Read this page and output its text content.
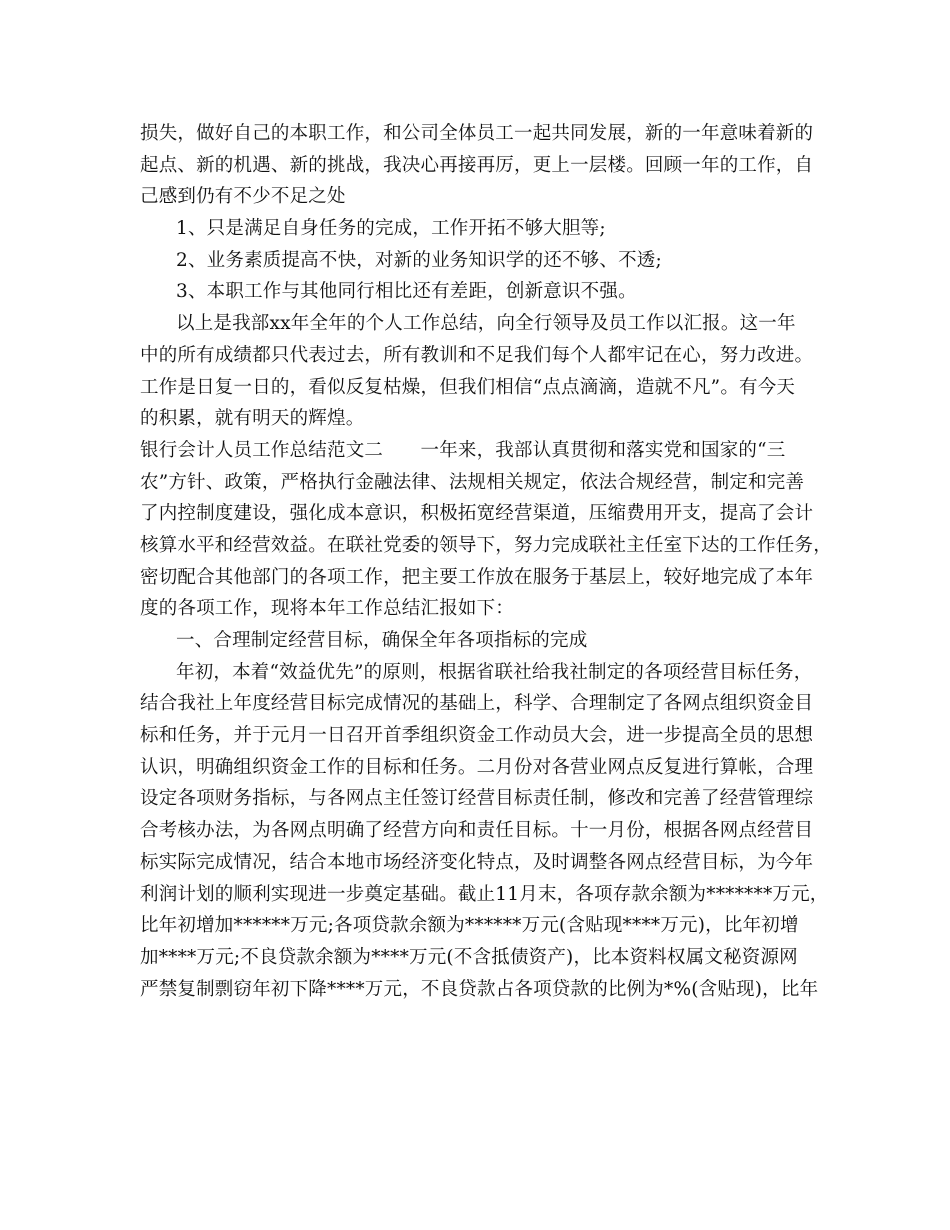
损失，做好自己的本职工作，和公司全体员工一起共同发展，新的一年意味着新的
起点、新的机遇、新的挑战，我决心再接再厉，更上一层楼。回顾一年的工作，自
己感到仍有不少不足之处
1、只是满足自身任务的完成，工作开拓不够大胆等;
2、业务素质提高不快，对新的业务知识学的还不够、不透;
3、本职工作与其他同行相比还有差距，创新意识不强。
以上是我部xx年全年的个人工作总结，向全行领导及员工作以汇报。这一年
中的所有成绩都只代表过去，所有教训和不足我们每个人都牢记在心，努力改进。
工作是日复一日的，看似反复枯燥，但我们相信“点点滴滴，造就不凡”。有今天
的积累，就有明天的辉煌。
银行会计人员工作总结范文二　　一年来，我部认真贯彻和落实党和国家的“三
农”方针、政策，严格执行金融法律、法规相关规定，依法合规经营，制定和完善
了内控制度建设，强化成本意识，积极拓宽经营渠道，压缩费用开支，提高了会计
核算水平和经营效益。在联社党委的领导下，努力完成联社主任室下达的工作任务，
密切配合其他部门的各项工作，把主要工作放在服务于基层上，较好地完成了本年
度的各项工作，现将本年工作总结汇报如下：
一、合理制定经营目标，确保全年各项指标的完成
年初，本着“效益优先”的原则，根据省联社给我社制定的各项经营目标任务，
结合我社上年度经营目标完成情况的基础上，科学、合理制定了各网点组织资金目
标和任务，并于元月一日召开首季组织资金工作动员大会，进一步提高全员的思想
认识，明确组织资金工作的目标和任务。二月份对各营业网点反复进行算帐，合理
设定各项财务指标，与各网点主任签订经营目标责任制，修改和完善了经营管理综
合考核办法，为各网点明确了经营方向和责任目标。十一月份，根据各网点经营目
标实际完成情况，结合本地市场经济变化特点，及时调整各网点经营目标，为今年
利润计划的顺利实现进一步奠定基础。截止11月末，各项存款余额为*******万元，
比年初增加******万元;各项贷款余额为******万元(含贴现****万元)，比年初增
加****万元;不良贷款余额为****万元(不含抵债资产)，比本资料权属文秘资源网
严禁复制剽窃年初下降****万元，不良贷款占各项贷款的比例为*%(含贴现)，比年
